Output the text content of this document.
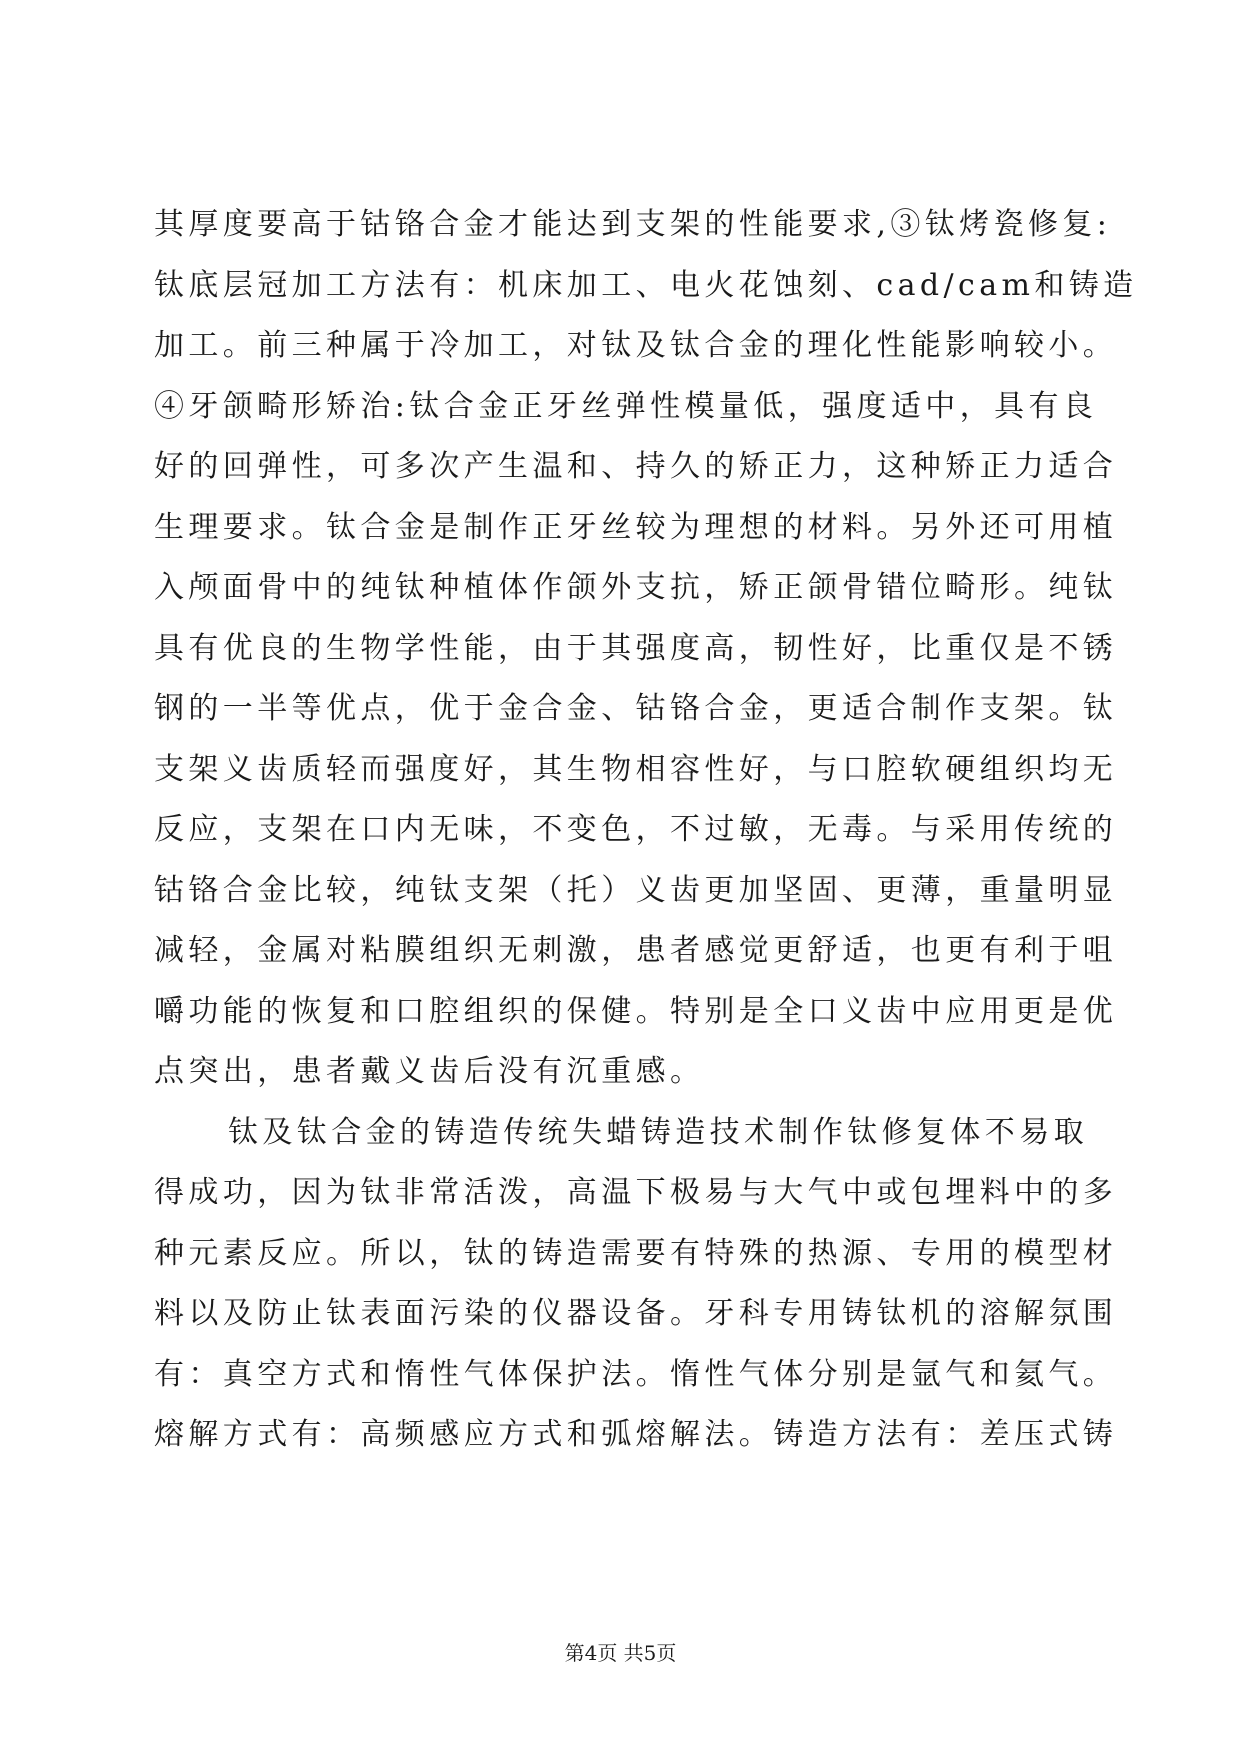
其厚度要高于钴铬合金才能达到支架的性能要求,③钛烤瓷修复:
钛底层冠加工方法有：机床加工、电火花蚀刻、cad/cam和铸造
加工。前三种属于冷加工，对钛及钛合金的理化性能影响较小。
④牙颌畸形矫治:钛合金正牙丝弹性模量低，强度适中，具有良
好的回弹性，可多次产生温和、持久的矫正力，这种矫正力适合
生理要求。钛合金是制作正牙丝较为理想的材料。另外还可用植
入颅面骨中的纯钛种植体作颌外支抗，矫正颌骨错位畸形。纯钛
具有优良的生物学性能，由于其强度高，韧性好，比重仅是不锈
钢的一半等优点，优于金合金、钴铬合金，更适合制作支架。钛
支架义齿质轻而强度好，其生物相容性好，与口腔软硬组织均无
反应，支架在口内无味，不变色，不过敏，无毒。与采用传统的
钴铬合金比较，纯钛支架（托）义齿更加坚固、更薄，重量明显
减轻，金属对粘膜组织无刺激，患者感觉更舒适，也更有利于咀
嚼功能的恢复和口腔组织的保健。特别是全口义齿中应用更是优
点突出，患者戴义齿后没有沉重感。
钛及钛合金的铸造传统失蜡铸造技术制作钛修复体不易取
得成功，因为钛非常活泼，高温下极易与大气中或包埋料中的多
种元素反应。所以，钛的铸造需要有特殊的热源、专用的模型材
料以及防止钛表面污染的仪器设备。牙科专用铸钛机的溶解氛围
有：真空方式和惰性气体保护法。惰性气体分别是氩气和氦气。
熔解方式有：高频感应方式和弧熔解法。铸造方法有：差压式铸
第4页 共5页
